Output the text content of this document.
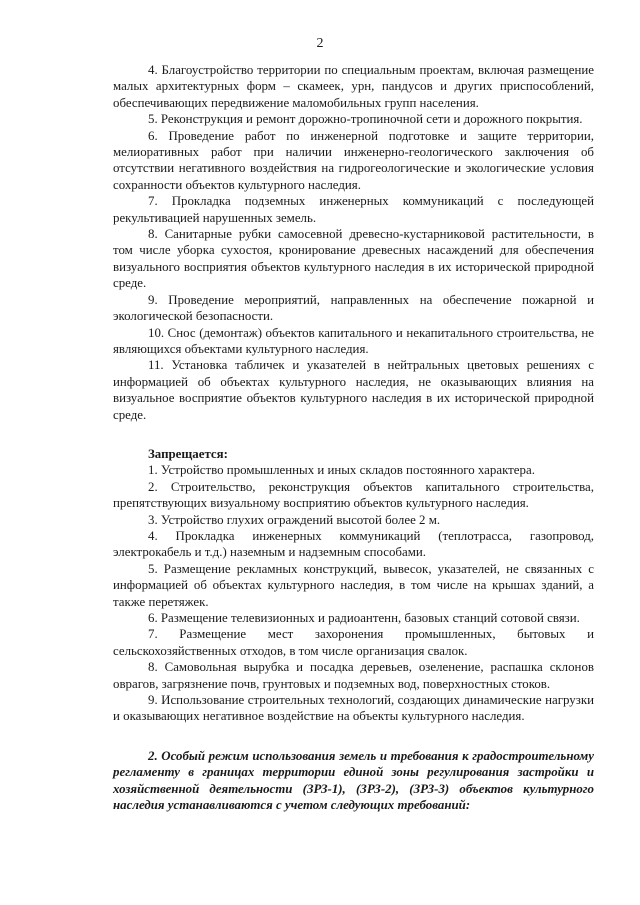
2

4. Благоустройство территории по специальным проектам, включая размещение малых архитектурных форм – скамеек, урн, пандусов и других приспособлений, обеспечивающих передвижение маломобильных групп населения.

5. Реконструкция и ремонт дорожно-тропиночной сети и дорожного покрытия.

6. Проведение работ по инженерной подготовке и защите территории, мелиоративных работ при наличии инженерно-геологического заключения об отсутствии негативного воздействия на гидрогеологические и экологические условия сохранности объектов культурного наследия.

7. Прокладка подземных инженерных коммуникаций с последующей рекультивацией нарушенных земель.

8. Санитарные рубки самосевной древесно-кустарниковой растительности, в том числе уборка сухостоя, кронирование древесных насаждений для обеспечения визуального восприятия объектов культурного наследия в их исторической природной среде.

9. Проведение мероприятий, направленных на обеспечение пожарной и экологической безопасности.

10. Снос (демонтаж) объектов капитального и некапитального строительства, не являющихся объектами культурного наследия.

11. Установка табличек и указателей в нейтральных цветовых решениях с информацией об объектах культурного наследия, не оказывающих влияния на визуальное восприятие объектов культурного наследия в их исторической природной среде.

Запрещается:

1. Устройство промышленных и иных складов постоянного характера.

2. Строительство, реконструкция объектов капитального строительства, препятствующих визуальному восприятию объектов культурного наследия.

3. Устройство глухих ограждений высотой более 2 м.

4. Прокладка инженерных коммуникаций (теплотрасса, газопровод, электрокабель и т.д.) наземным и надземным способами.

5. Размещение рекламных конструкций, вывесок, указателей, не связанных с информацией об объектах культурного наследия, в том числе на крышах зданий, а также перетяжек.

6. Размещение телевизионных и радиоантенн, базовых станций сотовой связи.

7. Размещение мест захоронения промышленных, бытовых и сельскохозяйственных отходов, в том числе организация свалок.

8. Самовольная вырубка и посадка деревьев, озеленение, распашка склонов оврагов, загрязнение почв, грунтовых и подземных вод, поверхностных стоков.

9. Использование строительных технологий, создающих динамические нагрузки и оказывающих негативное воздействие на объекты культурного наследия.

2. Особый режим использования земель и требования к градостроительному регламенту в границах территории единой зоны регулирования застройки и хозяйственной деятельности (ЗРЗ-1), (ЗРЗ-2), (ЗРЗ-3) объектов культурного наследия устанавливаются с учетом следующих требований:
